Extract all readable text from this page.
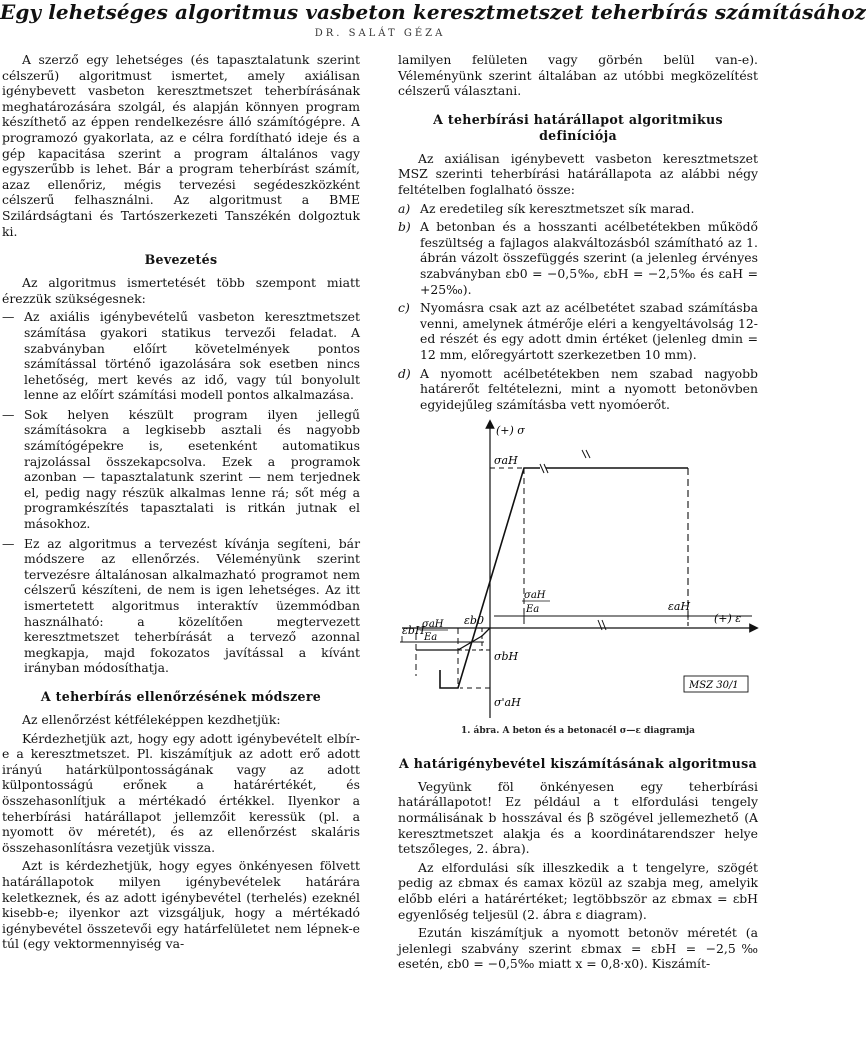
Egy lehetséges algoritmus vasbeton keresztmetszet teherbírás számításához
DR. SALÁT GÉZA

A szerző egy lehetséges (és tapasztalatunk szerint célszerű) algoritmust ismertet, amely axiálisan igénybevett vasbeton keresztmetszet teherbírásának meghatározására szolgál, és alapján könnyen program készíthető az éppen rendelkezésre álló számítógépre. A programozó gyakorlata, az e célra fordítható ideje és a gép kapacitása szerint a program általános vagy egyszerűbb is lehet. Bár a program teherbírást számít, azaz ellenőriz, mégis tervezési segédeszközként célszerű felhasználni. Az algoritmust a BME Szilárdságtani és Tartószerkezeti Tanszékén dolgoztuk ki.

Bevezetés

Az algoritmus ismertetését több szempont miatt érezzük szükségesnek:

— Az axiális igénybevételű vasbeton keresztmetszet számítása gyakori statikus tervezői feladat. A szabványban előírt követelmények pontos számítással történő igazolására sok esetben nincs lehetőség, mert kevés az idő, vagy túl bonyolult lenne az előírt számítási modell pontos alkalmazása.

— Sok helyen készült program ilyen jellegű számításokra a legkisebb asztali és nagyobb számítógépekre is, esetenként automatikus rajzolással összekapcsolva. Ezek a programok azonban — tapasztalatunk szerint — nem terjednek el, pedig nagy részük alkalmas lenne rá; sőt még a programkészítés tapasztalati is ritkán jutnak el másokhoz.

— Ez az algoritmus a tervezést kívánja segíteni, bár módszere az ellenőrzés. Véleményünk szerint tervezésre általánosan alkalmazható programot nem célszerű készíteni, de nem is igen lehetséges. Az itt ismertetett algoritmus interaktív üzemmódban használható: a közelítően megtervezett keresztmetszet teherbírását a tervező azonnal megkapja, majd fokozatos javítással a kívánt irányban módosíthatja.

A teherbírás ellenőrzésének módszere

Az ellenőrzést kétféleképpen kezdhetjük:

Kérdezhetjük azt, hogy egy adott igénybevételt elbír-e a keresztmetszet. Pl. kiszámítjuk az adott erő adott irányú határkülpontosságának vagy az adott külpontosságú erőnek a határértékét, és összehasonlítjuk a mértékadó értékkel. Ilyenkor a teherbírási határállapot jellemzőit keressük (pl. a nyomott öv méretét), és az ellenőrzést skaláris összehasonlításra vezetjük vissza.

Azt is kérdezhetjük, hogy egyes önkényesen fölvett határállapotok milyen igénybevételek határára keletkeznek, és az adott igénybevétel (terhelés) ezeknél kisebb-e; ilyenkor azt vizsgáljuk, hogy a mértékadó igénybevétel összetevői egy határfelületet nem lépnek-e túl (egy vektormennyiség va-

lamilyen felületen vagy görbén belül van-e). Véleményünk szerint általában az utóbbi megközelítést célszerű választani.

A teherbírási határállapot algoritmikus definíciója

Az axiálisan igénybevett vasbeton keresztmetszet MSZ szerinti teherbírási határállapota az alábbi négy feltételben foglalható össze:

a) Az eredetileg sík keresztmetszet sík marad.

b) A betonban és a hosszanti acélbetétekben működő feszültség a fajlagos alakváltozásból számítható az 1. ábrán vázolt összefüggés szerint (a jelenleg érvényes szabványban εb0 = −0,5‰, εbH = −2,5‰ és εaH = +25‰).

c) Nyomásra csak azt az acélbetétet szabad számításba venni, amelynek átmérője eléri a kengyeltávolság 12-ed részét és egy adott dmin értéket (jelenleg dmin = 12 mm, előregyártott szerkezetben 10 mm).

d) A nyomott acélbetétekben nem szabad nagyobb határerőt feltételezni, mint a nyomott betonövben egyidejűleg számításba vett nyomóerőt.

(+) σ
(+) ε
σaH
σbH
σ'aH
εbH
εb0
εaH
σaH
Ea
σaH
Ea
MSZ 30/1
1. ábra. A beton és a betonacél σ—ε diagramja
A határigénybevétel kiszámításának algoritmusa

Vegyünk föl önkényesen egy teherbírási határállapotot! Ez például a t elfordulási tengely normálisának b hosszával és β szögével jellemezhető (A keresztmetszet alakja és a koordinátarendszer helye tetszőleges, 2. ábra).

Az elfordulási sík illeszkedik a t tengelyre, szögét pedig az εbmax és εamax közül az szabja meg, amelyik előbb eléri a határértéket; legtöbbször az εbmax = εbH egyenlőség teljesül (2. ábra ε diagram).

Ezután kiszámítjuk a nyomott betonöv méretét (a jelenlegi szabvány szerint εbmax = εbH = −2,5‰ esetén, εb0 = −0,5‰ miatt x = 0,8·x0). Kiszámít-
